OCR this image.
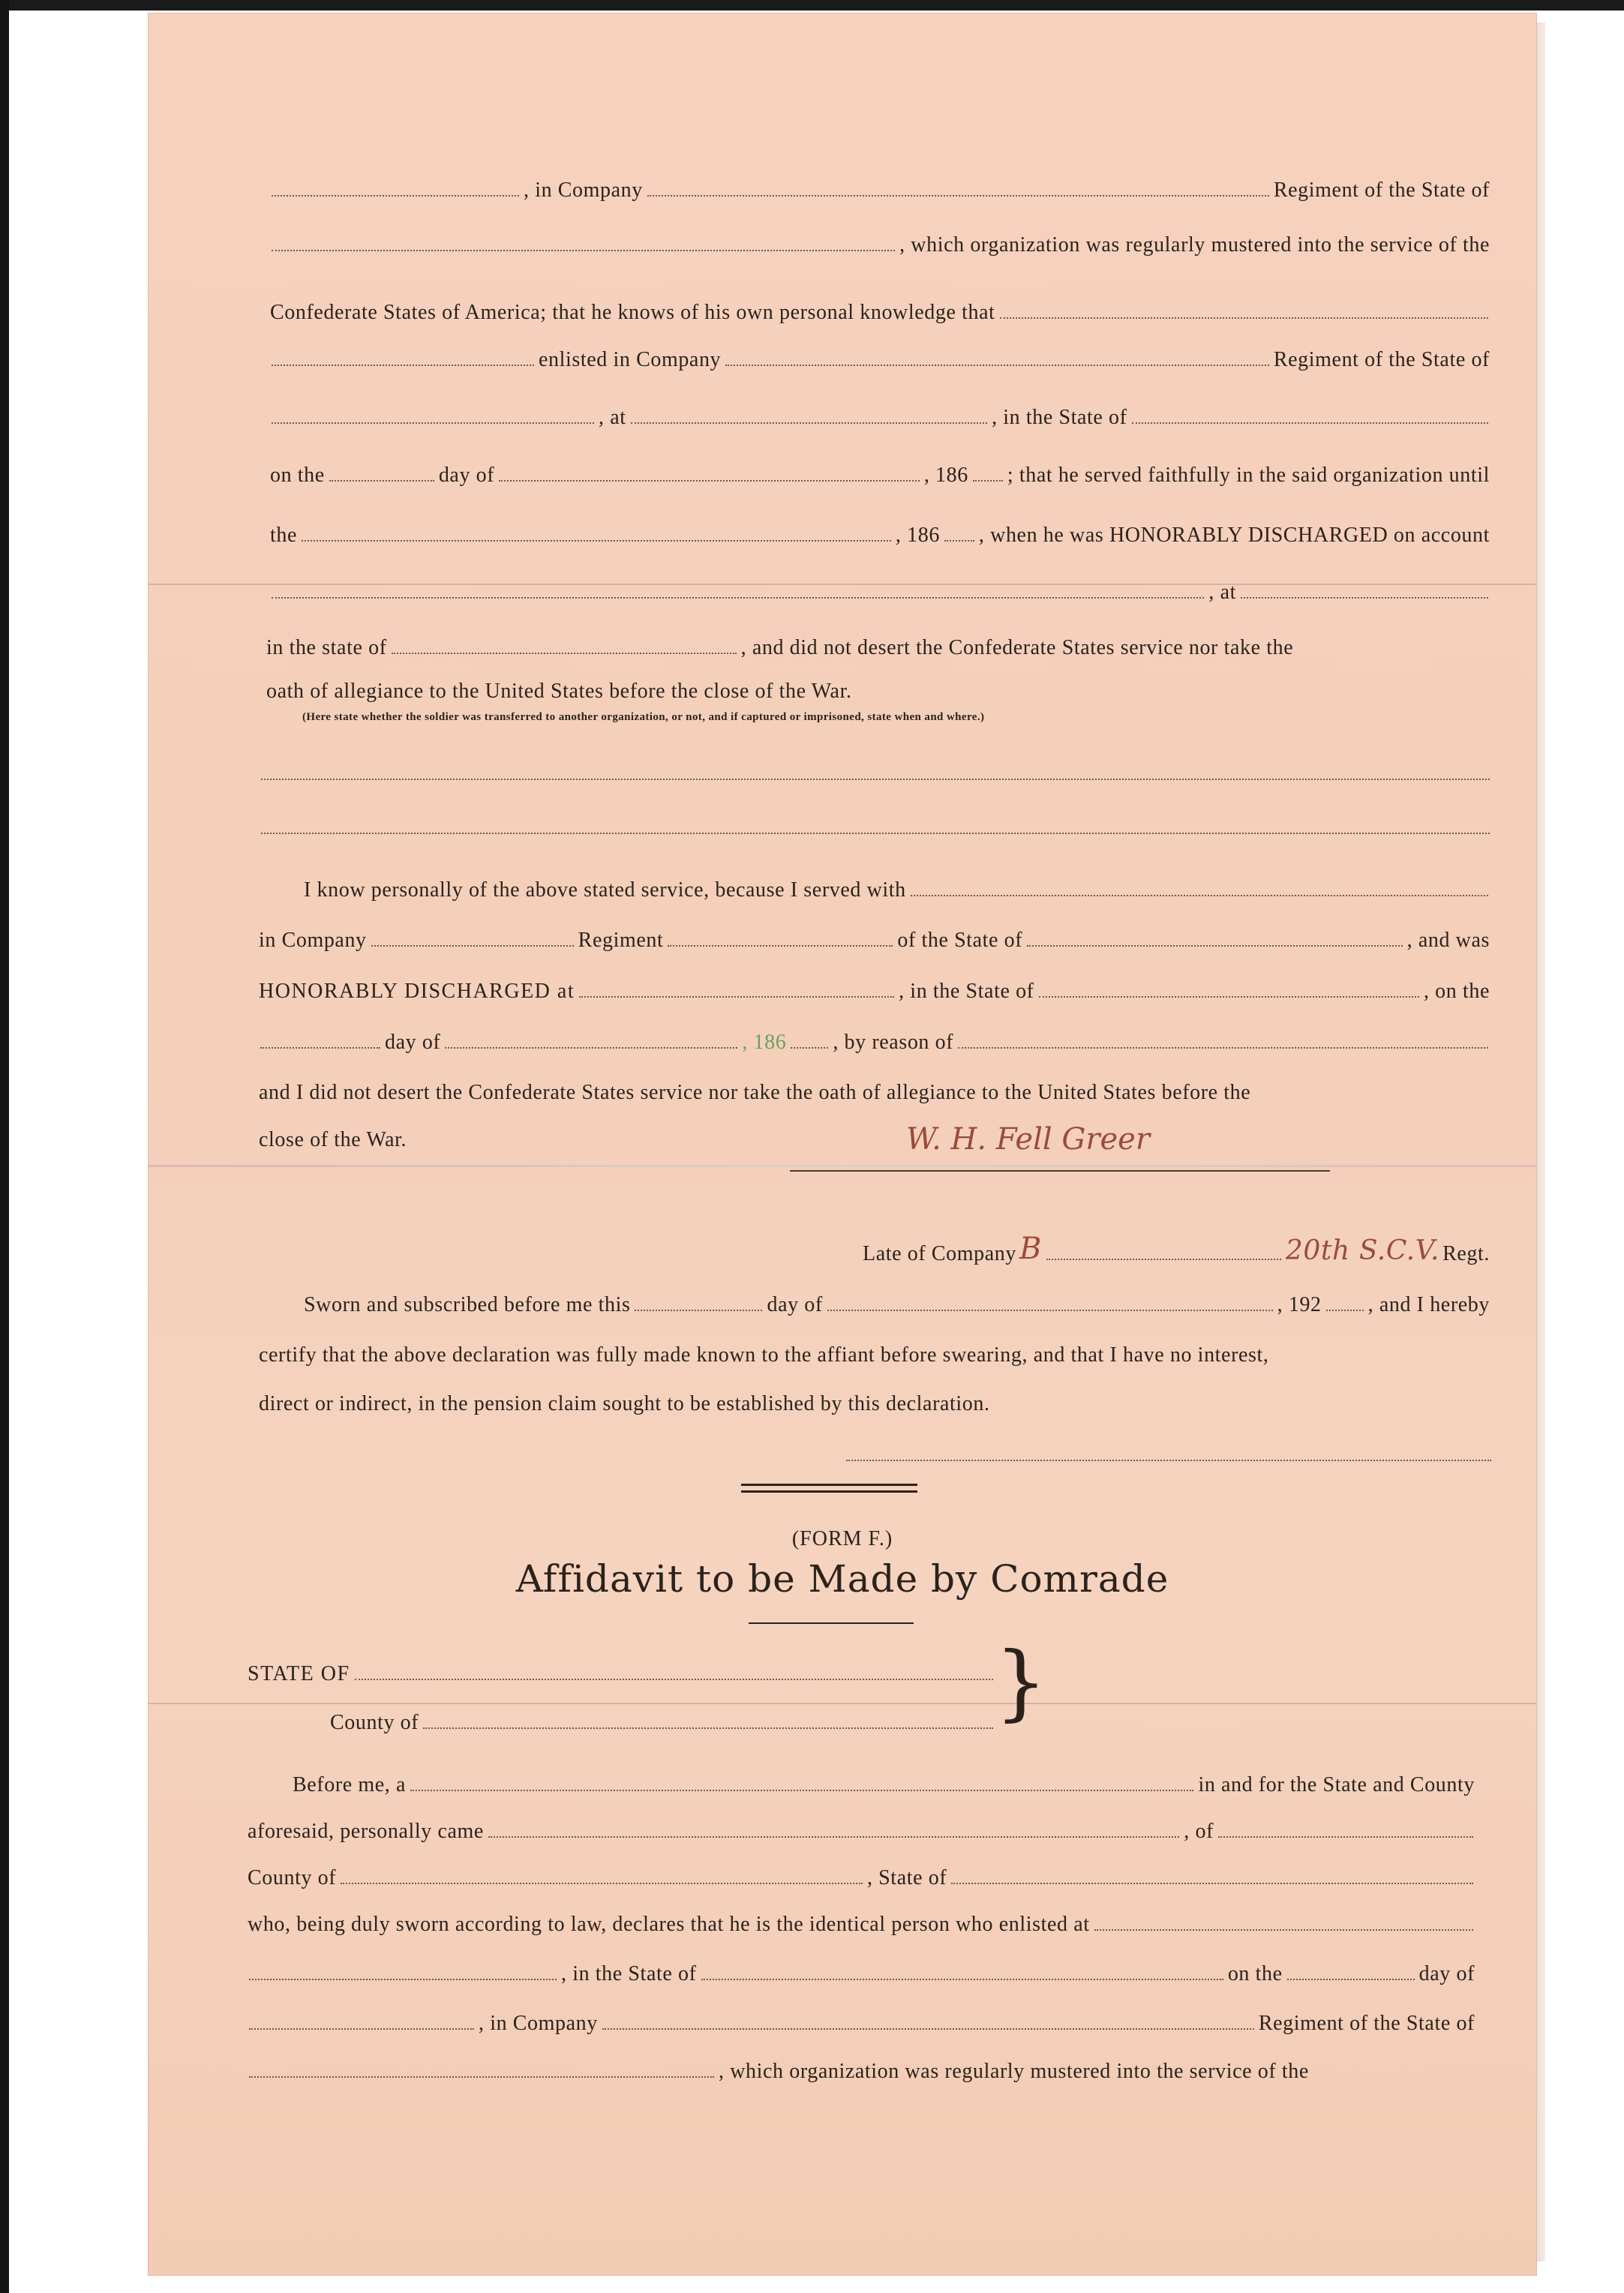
, in Company	Regiment of the State of
, which organization was regularly mustered into the service of the
Confederate States of America; that he knows of his own personal knowledge that
enlisted in Company	Regiment of the State of
, at	, in the State of
on the	day of	, 186 ; that he served faithfully in the said organization until
the	, 186 , when he was HONORABLY DISCHARGED on account
, at
in the state of	, and did not desert the Confederate States service nor take the
oath of allegiance to the United States before the close of the War.
(Here state whether the soldier was transferred to another organization, or not, and if captured or imprisoned, state when and where.)
I know personally of the above stated service, because I served with
in Company	Regiment	of the State of	, and was
HONORABLY DISCHARGED at	, in the State of	, on the
day of	, 186 , by reason of
and I did not desert the Confederate States service nor take the oath of allegiance to the United States before the
close of the War.	W. H. Fell Greer
Late of Company B	20th S.C.V. Regt.
Sworn and subscribed before me this	day of	, 192 , and I hereby
certify that the above declaration was fully made known to the affiant before swearing, and that I have no interest,
direct or indirect, in the pension claim sought to be established by this declaration.
(FORM F.)
Affidavit to be Made by Comrade
STATE OF
County of	}
Before me, a	in and for the State and County
aforesaid, personally came	, of
County of	, State of
who, being duly sworn according to law, declares that he is the identical person who enlisted at
, in the State of	on the	day of
, in Company	Regiment of the State of
, which organization was regularly mustered into the service of the
